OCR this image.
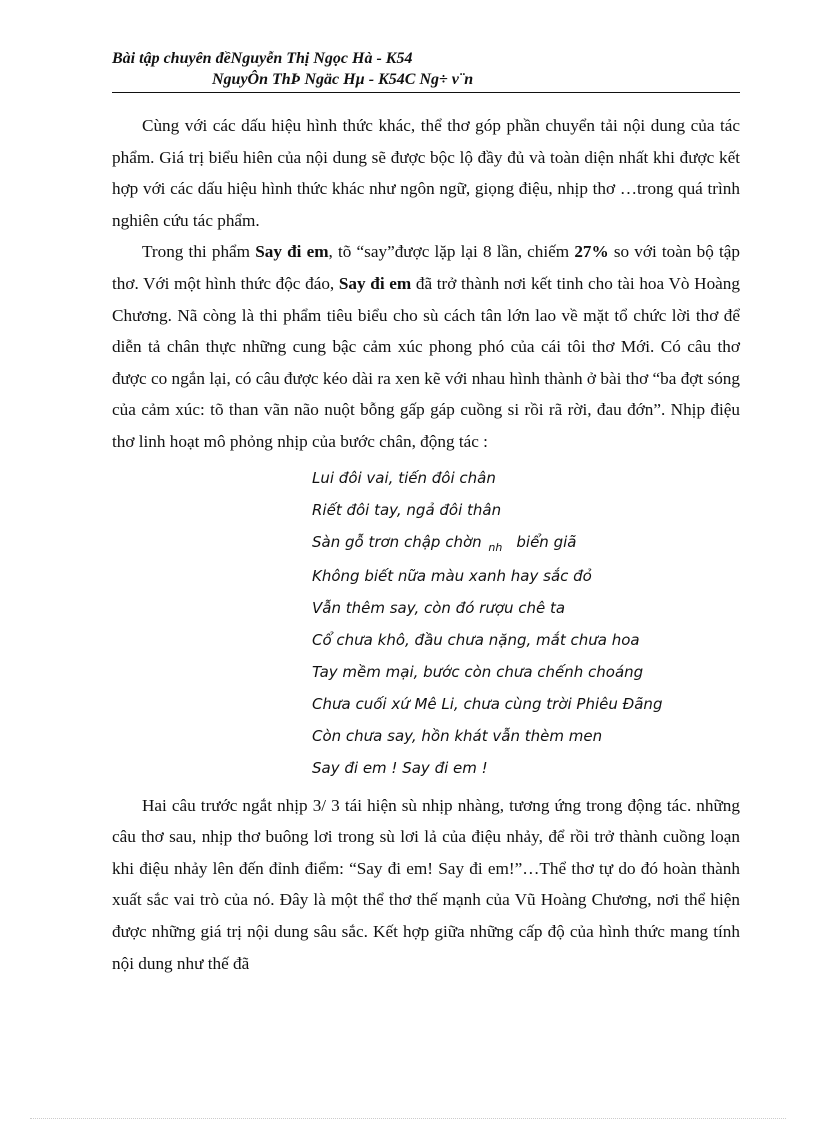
Bài tập chuyên đềNguyễn Thị Ngọc Hà - K54
NguyÔn ThÞ Ngäc Hµ - K54C Ng÷ v¨n

Cùng với các dấu hiệu hình thức khác, thể thơ góp phần chuyển tải nội dung của tác phẩm. Giá trị biểu hiên của nội dung sẽ được bộc lộ đầy đủ và toàn diện nhất khi được kết hợp với các dấu hiệu hình thức khác như ngôn ngữ, giọng điệu, nhịp thơ …trong quá trình nghiên cứu tác phẩm.

Trong thi phẩm Say đi em, tõ “say”được lặp lại 8 lần, chiếm 27% so với toàn bộ tập thơ. Với một hình thức độc đáo, Say đi em đã trở thành nơi kết tinh cho tài hoa Vò Hoàng Chương. Nã còng là thi phẩm tiêu biểu cho sù cách tân lớn lao về mặt tổ chức lời thơ để diễn tả chân thực những cung bậc cảm xúc phong phó của cái tôi thơ Mới. Có câu thơ được co ngắn lại, có câu được kéo dài ra xen kẽ với nhau hình thành ở bài thơ “ba đợt sóng của cảm xúc: tõ than vãn não nuột bỗng gấp gáp cuồng si rồi rã rời, đau đớn”. Nhịp điệu thơ linh hoạt mô phỏng nhịp của bước chân, động tác :

Lui đôi vai, tiến đôi chân
Riết đôi tay, ngả đôi thân
Sàn gỗ trơn chập chờn $_{nh}$ biển giã
Không biết nữa màu xanh hay sắc đỏ
Vẫn thêm say, còn đó rượu chê ta
Cổ chưa khô, đầu chưa nặng, mắt chưa hoa
Tay mềm mại, bước còn chưa chếnh choáng
Chưa cuối xứ Mê Li, chưa cùng trời Phiêu Đãng
Còn chưa say, hồn khát vẫn thèm men
Say đi em ! Say đi em !

Hai câu trước ngắt nhịp 3/ 3 tái hiện sù nhịp nhàng, tương ứng trong động tác. những câu thơ sau, nhịp thơ buông lơi trong sù lơi lả của điệu nhảy, để rồi trở thành cuồng loạn khi điệu nhảy lên đến đỉnh điểm: “Say đi em! Say đi em!”…Thể thơ tự do đó hoàn thành xuất sắc vai trò của nó. Đây là một thể thơ thế mạnh của Vũ Hoàng Chương, nơi thể hiện được những giá trị nội dung sâu sắc. Kết hợp giữa những cấp độ của hình thức mang tính nội dung như thế đã
